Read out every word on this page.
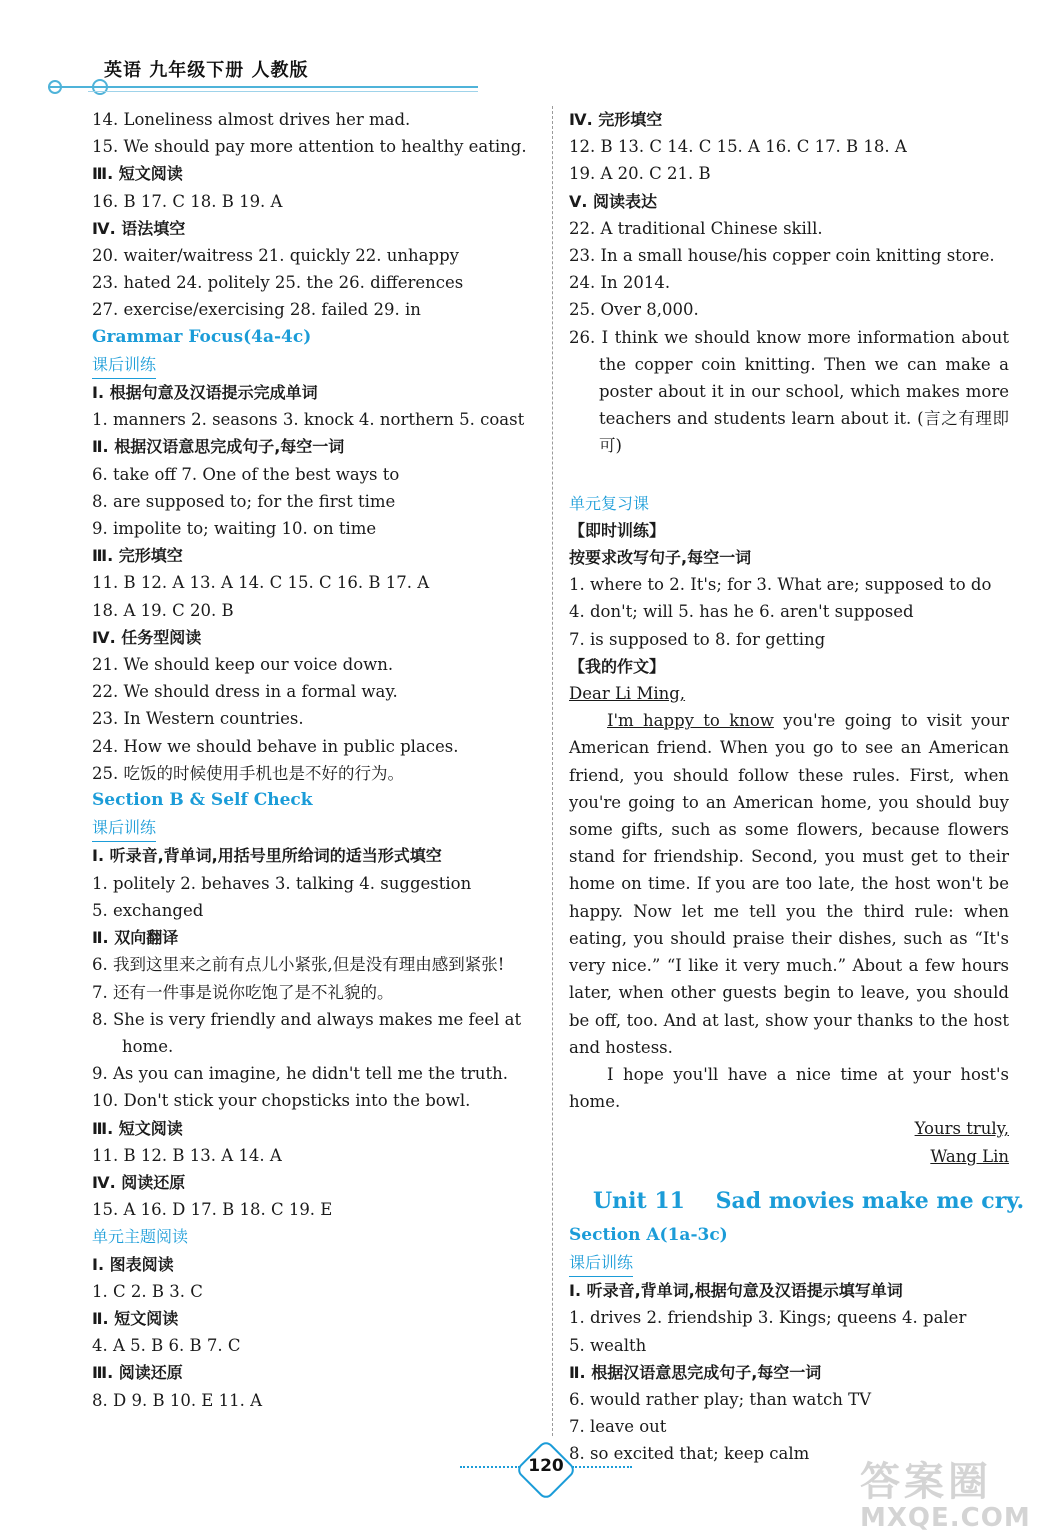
英语 九年级下册 人教版
14. Loneliness almost drives her mad.
15. We should pay more attention to healthy eating.
Ⅲ. 短文阅读
16. B 17. C 18. B 19. A
Ⅳ. 语法填空
20. waiter/waitress 21. quickly 22. unhappy
23. hated 24. politely 25. the 26. differences
27. exercise/exercising 28. failed 29. in
Grammar Focus(4a-4c)
课后训练
Ⅰ. 根据句意及汉语提示完成单词
1. manners 2. seasons 3. knock 4. northern 5. coast
Ⅱ. 根据汉语意思完成句子,每空一词
6. take off 7. One of the best ways to
8. are supposed to; for the first time
9. impolite to; waiting 10. on time
Ⅲ. 完形填空
11. B 12. A 13. A 14. C 15. C 16. B 17. A
18. A 19. C 20. B
Ⅳ. 任务型阅读
21. We should keep our voice down.
22. We should dress in a formal way.
23. In Western countries.
24. How we should behave in public places.
25. 吃饭的时候使用手机也是不好的行为。
Section B & Self Check
课后训练
Ⅰ. 听录音,背单词,用括号里所给词的适当形式填空
1. politely 2. behaves 3. talking 4. suggestion
5. exchanged
Ⅱ. 双向翻译
6. 我到这里来之前有点儿小紧张,但是没有理由感到紧张!
7. 还有一件事是说你吃饱了是不礼貌的。
8. She is very friendly and always makes me feel at home.
9. As you can imagine, he didn't tell me the truth.
10. Don't stick your chopsticks into the bowl.
Ⅲ. 短文阅读
11. B 12. B 13. A 14. A
Ⅳ. 阅读还原
15. A 16. D 17. B 18. C 19. E
单元主题阅读
Ⅰ. 图表阅读
1. C 2. B 3. C
Ⅱ. 短文阅读
4. A 5. B 6. B 7. C
Ⅲ. 阅读还原
8. D 9. B 10. E 11. A
Ⅳ. 完形填空
12. B 13. C 14. C 15. A 16. C 17. B 18. A
19. A 20. C 21. B
Ⅴ. 阅读表达
22. A traditional Chinese skill.
23. In a small house/his copper coin knitting store.
24. In 2014.
25. Over 8,000.
26. I think we should know more information about the copper coin knitting. Then we can make a poster about it in our school, which makes more teachers and students learn about it. (言之有理即可)
单元复习课
【即时训练】
按要求改写句子,每空一词
1. where to 2. It's; for 3. What are; supposed to do
4. don't; will 5. has he 6. aren't supposed
7. is supposed to 8. for getting
【我的作文】
Dear Li Ming,
I'm happy to know you're going to visit your American friend. When you go to see an American friend, you should follow these rules. First, when you're going to an American home, you should buy some gifts, such as some flowers, because flowers stand for friendship. Second, you must get to their home on time. If you are too late, the host won't be happy. Now let me tell you the third rule: when eating, you should praise their dishes, such as “It's very nice.” “I like it very much.” About a few hours later, when other guests begin to leave, you should be off, too. And at last, show your thanks to the host and hostess.
I hope you'll have a nice time at your host's home.
Yours truly,
Wang Lin
Unit 11    Sad movies make me cry.
Section A(1a-3c)
课后训练
Ⅰ. 听录音,背单词,根据句意及汉语提示填写单词
1. drives 2. friendship 3. Kings; queens 4. paler
5. wealth
Ⅱ. 根据汉语意思完成句子,每空一词
6. would rather play; than watch TV
7. leave out
8. so excited that; keep calm
120	答案圈
MXQE.COM
